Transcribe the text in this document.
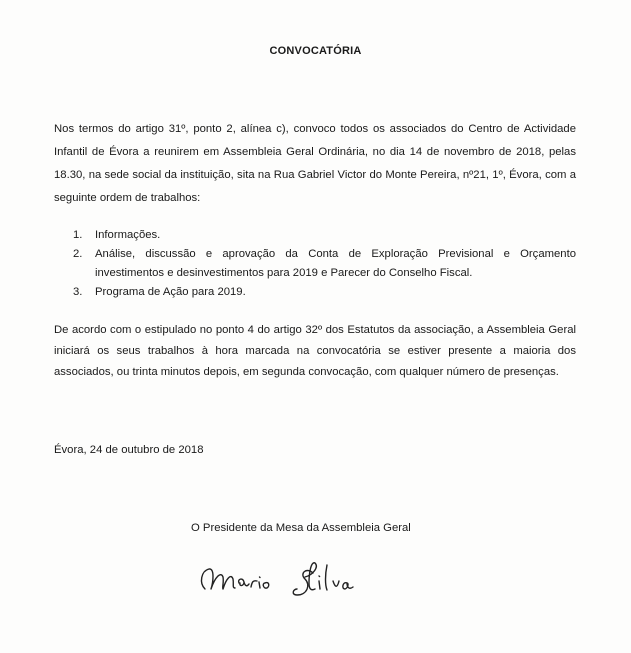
CONVOCATÓRIA
Nos termos do artigo 31º, ponto 2, alínea c), convoco todos os associados do Centro de Actividade Infantil de Évora a reunirem em Assembleia Geral Ordinária, no dia 14 de novembro de 2018, pelas 18.30, na sede social da instituição, sita na Rua Gabriel Victor do Monte Pereira, nº21, 1º, Évora, com a seguinte ordem de trabalhos:
1. Informações.
2. Análise, discussão e aprovação da Conta de Exploração Previsional e Orçamento investimentos e desinvestimentos para 2019 e Parecer do Conselho Fiscal.
3. Programa de Ação para 2019.
De acordo com o estipulado no ponto 4 do artigo 32º dos Estatutos da associação, a Assembleia Geral iniciará os seus trabalhos à hora marcada na convocatória se estiver presente a maioria dos associados, ou trinta minutos depois, em segunda convocação, com qualquer número de presenças.
Évora, 24 de outubro de 2018
O Presidente da Mesa da Assembleia Geral
